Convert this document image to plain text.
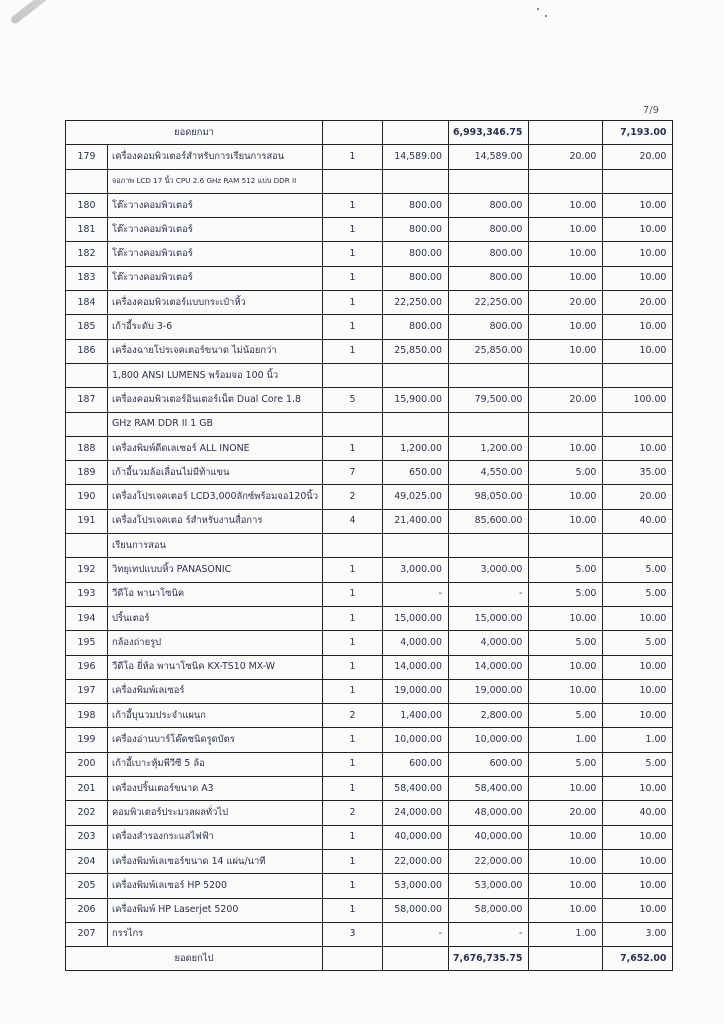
7/9
ยอดยกมา				6,993,346.75		7,193.00
179	เครื่องคอมพิวเตอร์สำหรับการเรียนการสอน	1	14,589.00	14,589.00	20.00	20.00
	จอภาพ LCD 17 นิ้ว CPU 2.6 GHz RAM 512 แบบ DDR II					
180	โต๊ะวางคอมพิวเตอร์	1	800.00	800.00	10.00	10.00
181	โต๊ะวางคอมพิวเตอร์	1	800.00	800.00	10.00	10.00
182	โต๊ะวางคอมพิวเตอร์	1	800.00	800.00	10.00	10.00
183	โต๊ะวางคอมพิวเตอร์	1	800.00	800.00	10.00	10.00
184	เครื่องคอมพิวเตอร์แบบกระเป๋าหิ้ว	1	22,250.00	22,250.00	20.00	20.00
185	เก้าอี้ระดับ 3-6	1	800.00	800.00	10.00	10.00
186	เครื่องฉายโปรเจคเตอร์ขนาด ไม่น้อยกว่า	1	25,850.00	25,850.00	10.00	10.00
	1,800 ANSI LUMENS พร้อมจอ 100 นิ้ว					
187	เครื่องคอมพิวเตอร์อินเตอร์เน็ต Dual Core 1.8	5	15,900.00	79,500.00	20.00	100.00
	GHz RAM DDR II 1 GB					
188	เครื่องพิมพ์ดีดเลเซอร์ ALL INONE	1	1,200.00	1,200.00	10.00	10.00
189	เก้าอี้นวมล้อเลื่อนไม่มีท้าแขน	7	650.00	4,550.00	5.00	35.00
190	เครื่องโปรเจคเตอร์ LCD3,000ลักซ์พร้อมจอ120นิ้ว	2	49,025.00	98,050.00	10.00	20.00
191	เครื่องโปรเจคเตอ ร์สำหรับงานสื่อการ	4	21,400.00	85,600.00	10.00	40.00
	เรียนการสอน					
192	วิทยุเทปแบบหิ้ว PANASONIC	1	3,000.00	3,000.00	5.00	5.00
193	วีดีโอ พานาโซนิค	1	-	-	5.00	5.00
194	ปริ้นเตอร์	1	15,000.00	15,000.00	10.00	10.00
195	กล้องถ่ายรูป	1	4,000.00	4,000.00	5.00	5.00
196	วีดีโอ ยี่ห้อ พานาโซนิค KX-TS10 MX-W	1	14,000.00	14,000.00	10.00	10.00
197	เครื่องพิมพ์เลเซอร์	1	19,000.00	19,000.00	10.00	10.00
198	เก้าอี้บุนวมประจำแผนก	2	1,400.00	2,800.00	5.00	10.00
199	เครื่องอ่านบาร์โค๊ดชนิดรูดบัตร	1	10,000.00	10,000.00	1.00	1.00
200	เก้าอี้เบาะหุ้มพีวีซี 5 ล้อ	1	600.00	600.00	5.00	5.00
201	เครื่องปริ้นเตอร์ขนาด A3	1	58,400.00	58,400.00	10.00	10.00
202	คอมพิวเตอร์ประมวลผลทั่วไป	2	24,000.00	48,000.00	20.00	40.00
203	เครื่องสำรองกระแสไฟฟ้า	1	40,000.00	40,000.00	10.00	10.00
204	เครื่องพิมพ์เลเซอร์ขนาด 14 แผ่น/นาที	1	22,000.00	22,000.00	10.00	10.00
205	เครื่องพิมพ์เลเซอร์ HP 5200	1	53,000.00	53,000.00	10.00	10.00
206	เครื่องพิมพ์ HP Laserjet 5200	1	58,000.00	58,000.00	10.00	10.00
207	กรรไกร	3	-	-	1.00	3.00
ยอดยกไป				7,676,735.75		7,652.00
